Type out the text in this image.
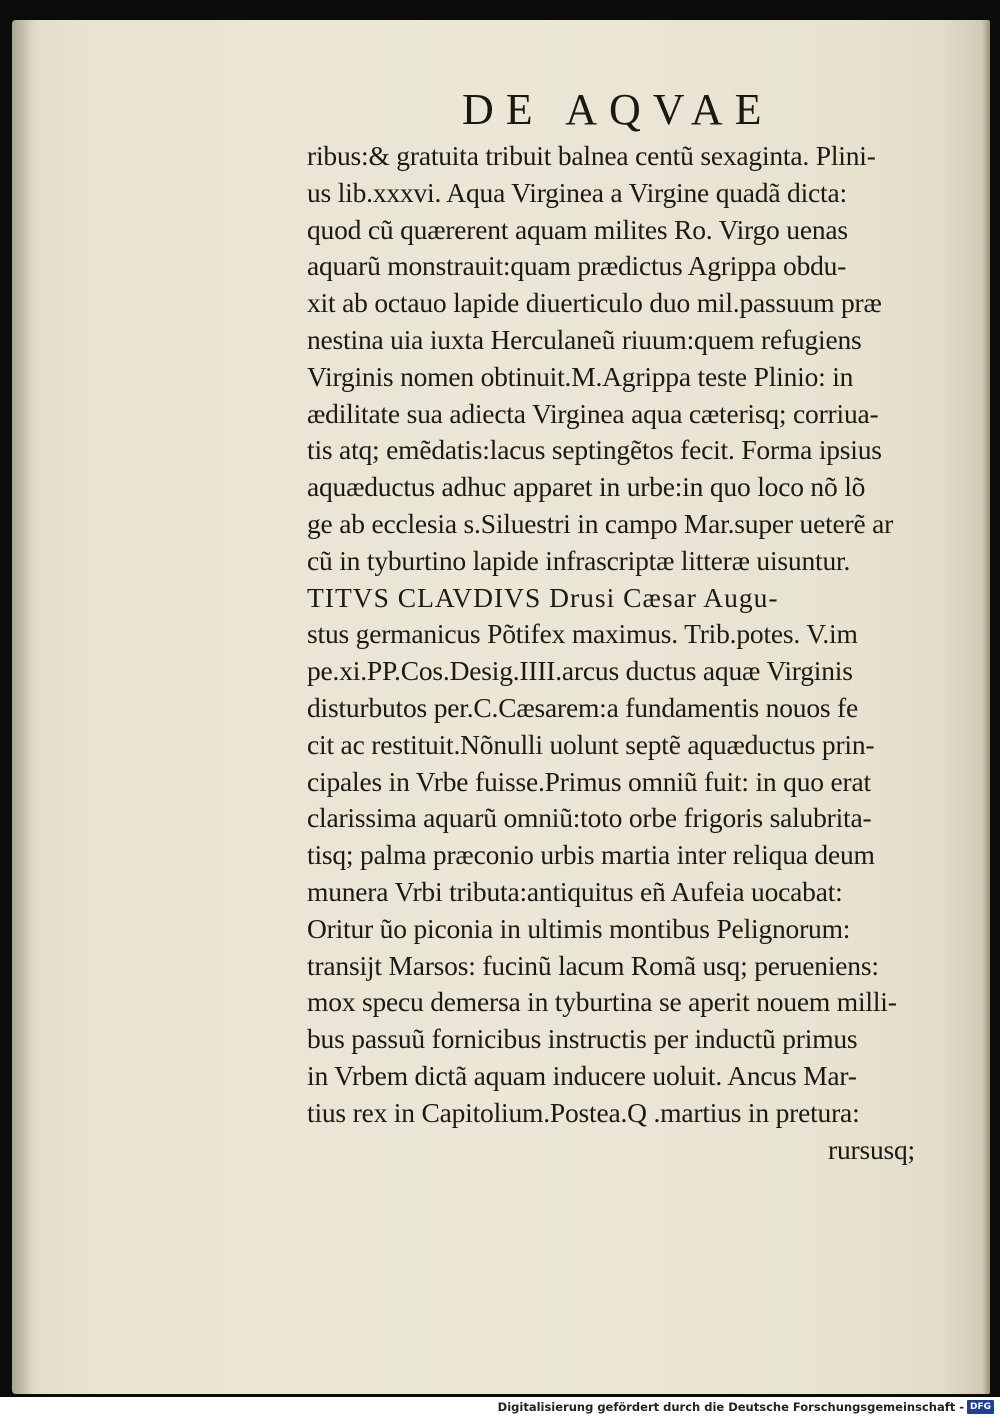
DE AQVAE
ribus:& gratuita tribuit balnea centũ sexaginta. Plini-
us lib.xxxvi. Aqua Virginea a Virgine quadã dicta:
quod cũ quærerent aquam milites Ro. Virgo uenas
aquarũ monstrauit:quam prædictus Agrippa obdu-
xit ab octauo lapide diuerticulo duo mil.passuum præ
nestina uia iuxta Herculaneũ riuum:quem refugiens
Virginis nomen obtinuit.M.Agrippa teste Plinio: in
ædilitate sua adiecta Virginea aqua cæterisq; corriua-
tis atq; emẽdatis:lacus septingẽtos fecit. Forma ipsius
aquæductus adhuc apparet in urbe:in quo loco nõ lõ
ge ab ecclesia s.Siluestri in campo Mar.super ueterẽ ar
cũ in tyburtino lapide infrascriptæ litteræ uisuntur.
TITVS CLAVDIVS Drusi Cæsar Augu-
stus germanicus Põtifex maximus. Trib.potes. V.im
pe.xi.PP.Cos.Desig.IIII.arcus ductus aquæ Virginis
disturbutos per.C.Cæsarem:a fundamentis nouos fe
cit ac restituit.Nõnulli uolunt septẽ aquæductus prin-
cipales in Vrbe fuisse.Primus omniũ fuit: in quo erat
clarissima aquarũ omniũ:toto orbe frigoris salubrita-
tisq; palma præconio urbis martia inter reliqua deum
munera Vrbi tributa:antiquitus eñ Aufeia uocabat:
Oritur ũo piconia in ultimis montibus Pelignorum:
transijt Marsos: fucinũ lacum Romã usq; perueniens:
mox specu demersa in tyburtina se aperit nouem milli-
bus passuũ fornicibus instructis per inductũ primus
in Vrbem dictã aquam inducere uoluit. Ancus Mar-
tius rex in Capitolium.Postea.Q .martius in pretura:
rursusq;
Digitalisierung gefördert durch die Deutsche Forschungsgemeinschaft - DFG
